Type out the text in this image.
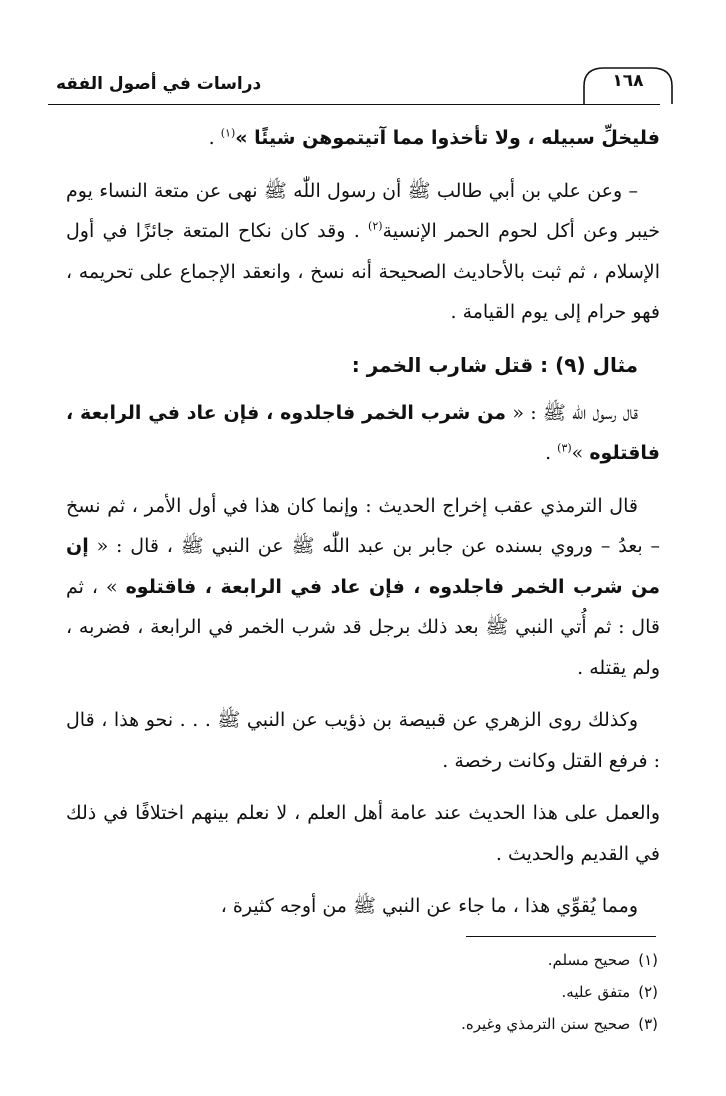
١٦٨
دراسات في أصول الفقه

فليخلِّ سبيله ، ولا تأخذوا مما آتيتموهن شيئًا »$^{(١)}$ .

– وعن علي بن أبي طالب ﷺ أن رسول اللّٰه ﷺ نهى عن متعة النساء يوم خيبر وعن أكل لحوم الحمر الإنسية$^{(٢)}$ . وقد كان نكاح المتعة جائزًا في أول الإسلام ، ثم ثبت بالأحاديث الصحيحة أنه نسخ ، وانعقد الإجماع على تحريمه ، فهو حرام إلى يوم القيامة .

مثال (٩) : قتل شارب الخمر :

قال رسول اللّٰه ﷺ : « من شرب الخمر فاجلدوه ، فإن عاد في الرابعة ، فاقتلوه »$^{(٣)}$ .

قال الترمذي عقب إخراج الحديث : وإنما كان هذا في أول الأمر ، ثم نسخ – بعدُ – وروي بسنده عن جابر بن عبد اللّٰه ﷺ عن النبي ﷺ ، قال : « إن من شرب الخمر فاجلدوه ، فإن عاد في الرابعة ، فاقتلوه » ، ثم قال : ثم أُتي النبي ﷺ بعد ذلك برجل قد شرب الخمر في الرابعة ، فضربه ، ولم يقتله .

وكذلك روى الزهري عن قبيصة بن ذؤيب عن النبي ﷺ . . . نحو هذا ، قال : فرفع القتل وكانت رخصة .

والعمل على هذا الحديث عند عامة أهل العلم ، لا نعلم بينهم اختلافًا في ذلك في القديم والحديث .

ومما يُقوِّي هذا ، ما جاء عن النبي ﷺ من أوجه كثيرة ،

(١)صحيح مسلم.
(٢)متفق عليه.
(٣)صحيح سنن الترمذي وغيره.
